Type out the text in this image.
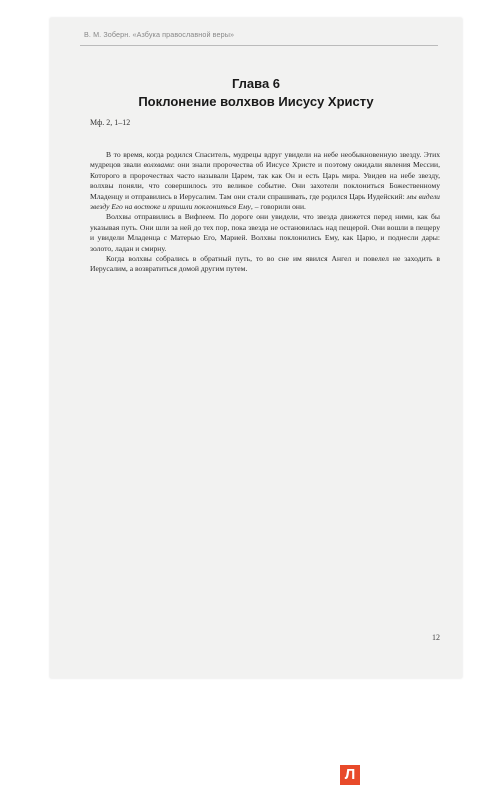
В. М. Зоберн. «Азбука православной веры»
Глава 6
Поклонение волхвов Иисусу Христу
Мф. 2, 1–12

В то время, когда родился Спаситель, мудрецы вдруг увидели на небе необыкновенную звезду. Этих мудрецов звали волхвами: они знали пророчества об Иисусе Христе и поэтому ожидали явления Мессии, Которого в пророчествах часто называли Царем, так как Он и есть Царь мира. Увидев на небе звезду, волхвы поняли, что совершилось это великое событие. Они захотели поклониться Божественному Младенцу и отправились в Иерусалим. Там они стали спрашивать, где родился Царь Иудейский: мы видели звезду Его на востоке и пришли поклониться Ему, – говорили они.

Волхвы отправились в Вифлеем. По дороге они увидели, что звезда движется перед ними, как бы указывая путь. Они шли за ней до тех пор, пока звезда не остановилась над пещерой. Они вошли в пещеру и увидели Младенца с Матерью Его, Марией. Волхвы поклонились Ему, как Царю, и поднесли дары: золото, ладан и смирну.

Когда волхвы собрались в обратный путь, то во сне им явился Ангел и повелел не заходить в Иерусалим, а возвратиться домой другим путем.

12
Л
